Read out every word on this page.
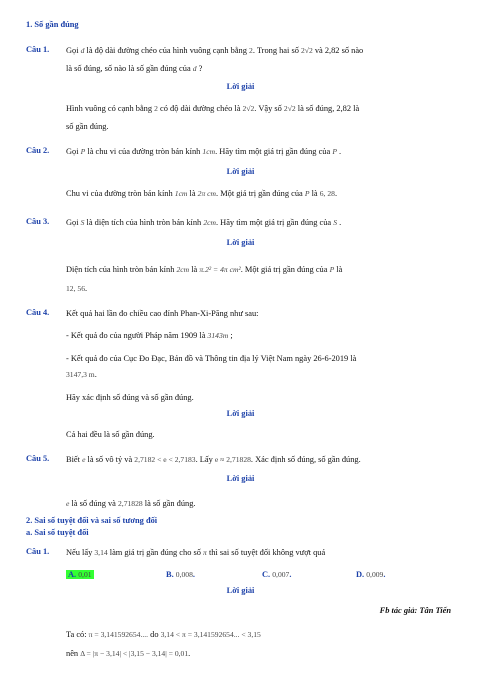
1. Số gần đúng
Câu 1. Gọi d là độ dài đường chéo của hình vuông cạnh bằng 2. Trong hai số 2√2 và 2,82 số nào
là số đúng, số nào là số gần đúng của d ?
Lời giải
Hình vuông có cạnh bằng 2 có độ dài đường chéo là 2√2. Vậy số 2√2 là số đúng, 2,82 là
số gần đúng.
Câu 2. Gọi P là chu vi của đường tròn bán kính 1cm. Hãy tìm một giá trị gần đúng của P .
Lời giải
Chu vi của đường tròn bán kính 1cm là 2π cm. Một giá trị gần đúng của P là 6, 28.
Câu 3. Gọi S là diện tích của hình tròn bán kính 2cm. Hãy tìm một giá trị gần đúng của S .
Lời giải
Diện tích của hình tròn bán kính 2cm là π.2² = 4π cm². Một giá trị gần đúng của P là
12, 56.
Câu 4. Kết quả hai lần đo chiều cao đỉnh Phan-Xi-Păng như sau:
- Kết quả đo của người Pháp năm 1909 là 3143m ;
- Kết quả đo của Cục Đo Đạc, Bản đồ và Thông tin địa lý Việt Nam ngày 26-6-2019 là
3147,3 m.
Hãy xác định số đúng và số gần đúng.
Lời giải
Cả hai đều là số gần đúng.
Câu 5. Biết e là số vô tỷ và 2,7182 < e < 2,7183. Lấy e ≈ 2,71828. Xác định số đúng, số gần đúng.
Lời giải
e là số đúng và 2,71828 là số gần đúng.
2. Sai số tuyệt đối và sai số tương đối
a. Sai số tuyệt đối
Câu 1. Nếu lấy 3,14 làm giá trị gần đúng cho số π thì sai số tuyệt đối không vượt quá
A. 0,01	B. 0,008.	C. 0,007.	D. 0,009.
Lời giải
Fb tác giả: Tân Tiến
Ta có: π = 3,141592654.... do 3,14 < π = 3,141592654... < 3,15
nên Δ = |π − 3,14| < |3,15 − 3,14| = 0,01.
